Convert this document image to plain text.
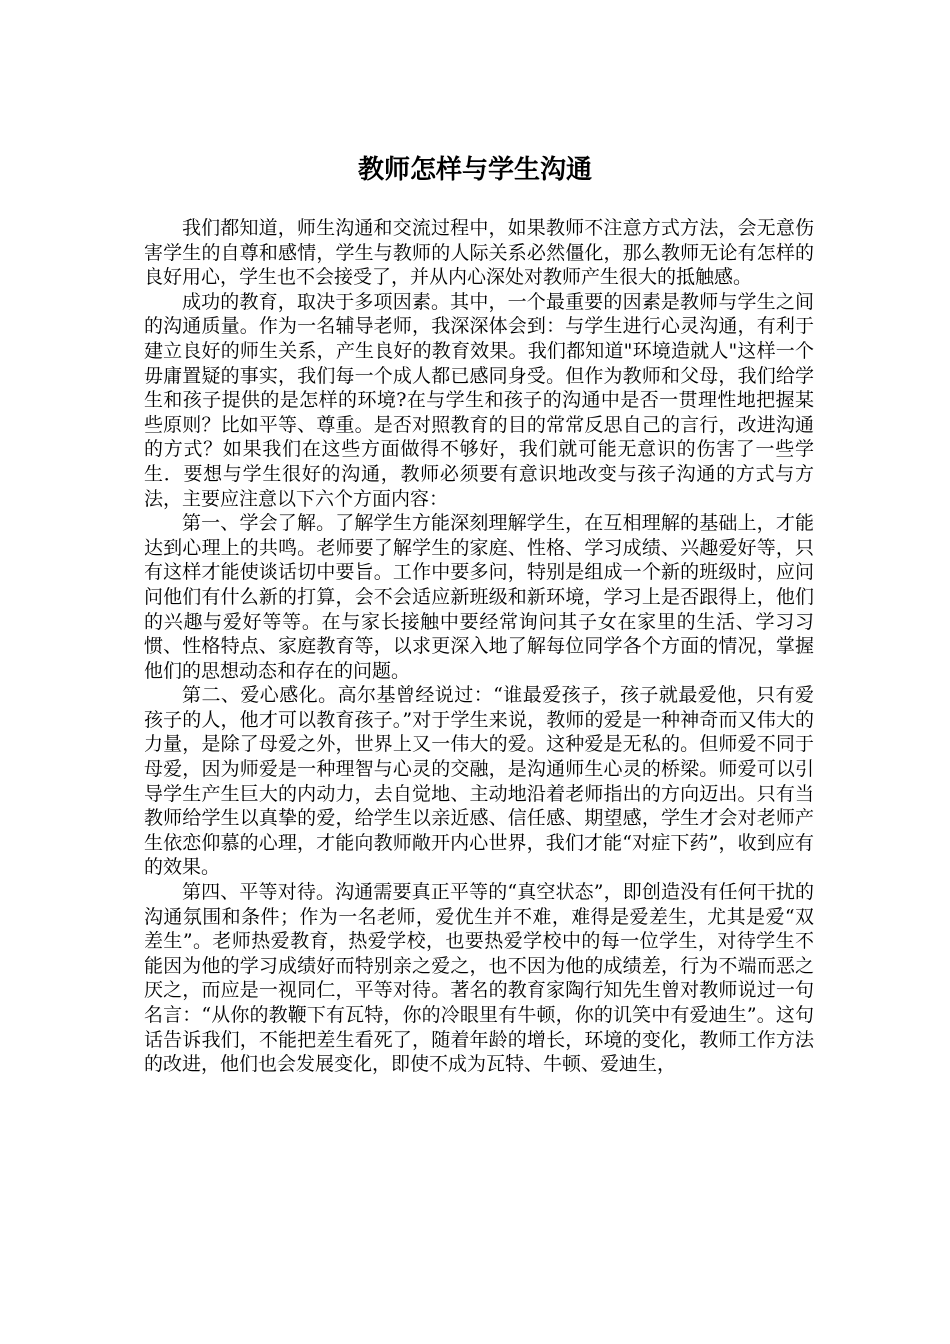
教师怎样与学生沟通

我们都知道，师生沟通和交流过程中，如果教师不注意方式方法，会无意伤害学生的自尊和感情，学生与教师的人际关系必然僵化，那么教师无论有怎样的良好用心，学生也不会接受了，并从内心深处对教师产生很大的抵触感。

成功的教育，取决于多项因素。其中，一个最重要的因素是教师与学生之间的沟通质量。作为一名辅导老师，我深深体会到：与学生进行心灵沟通，有利于建立良好的师生关系，产生良好的教育效果。我们都知道"环境造就人"这样一个毋庸置疑的事实，我们每一个成人都已感同身受。但作为教师和父母，我们给学生和孩子提供的是怎样的环境?在与学生和孩子的沟通中是否一贯理性地把握某些原则？比如平等、尊重。是否对照教育的目的常常反思自己的言行，改进沟通的方式？如果我们在这些方面做得不够好，我们就可能无意识的伤害了一些学生．要想与学生很好的沟通，教师必须要有意识地改变与孩子沟通的方式与方法，主要应注意以下六个方面内容：

第一、学会了解。了解学生方能深刻理解学生，在互相理解的基础上，才能达到心理上的共鸣。老师要了解学生的家庭、性格、学习成绩、兴趣爱好等，只有这样才能使谈话切中要旨。工作中要多问，特别是组成一个新的班级时，应问问他们有什么新的打算，会不会适应新班级和新环境，学习上是否跟得上，他们的兴趣与爱好等等。在与家长接触中要经常询问其子女在家里的生活、学习习惯、性格特点、家庭教育等，以求更深入地了解每位同学各个方面的情况，掌握他们的思想动态和存在的问题。

第二、爱心感化。高尔基曾经说过：“谁最爱孩子，孩子就最爱他，只有爱孩子的人，他才可以教育孩子。”对于学生来说，教师的爱是一种神奇而又伟大的力量，是除了母爱之外，世界上又一伟大的爱。这种爱是无私的。但师爱不同于母爱，因为师爱是一种理智与心灵的交融，是沟通师生心灵的桥梁。师爱可以引导学生产生巨大的内动力，去自觉地、主动地沿着老师指出的方向迈出。只有当教师给学生以真挚的爱，给学生以亲近感、信任感、期望感，学生才会对老师产生依恋仰慕的心理，才能向教师敞开内心世界，我们才能“对症下药”，收到应有的效果。

第四、平等对待。沟通需要真正平等的“真空状态”，即创造没有任何干扰的沟通氛围和条件；作为一名老师，爱优生并不难，难得是爱差生，尤其是爱“双差生”。老师热爱教育，热爱学校，也要热爱学校中的每一位学生，对待学生不能因为他的学习成绩好而特别亲之爱之，也不因为他的成绩差，行为不端而恶之厌之，而应是一视同仁，平等对待。著名的教育家陶行知先生曾对教师说过一句名言：“从你的教鞭下有瓦特，你的冷眼里有牛顿，你的讥笑中有爱迪生”。这句话告诉我们，不能把差生看死了，随着年龄的增长，环境的变化，教师工作方法的改进，他们也会发展变化，即使不成为瓦特、牛顿、爱迪生，
